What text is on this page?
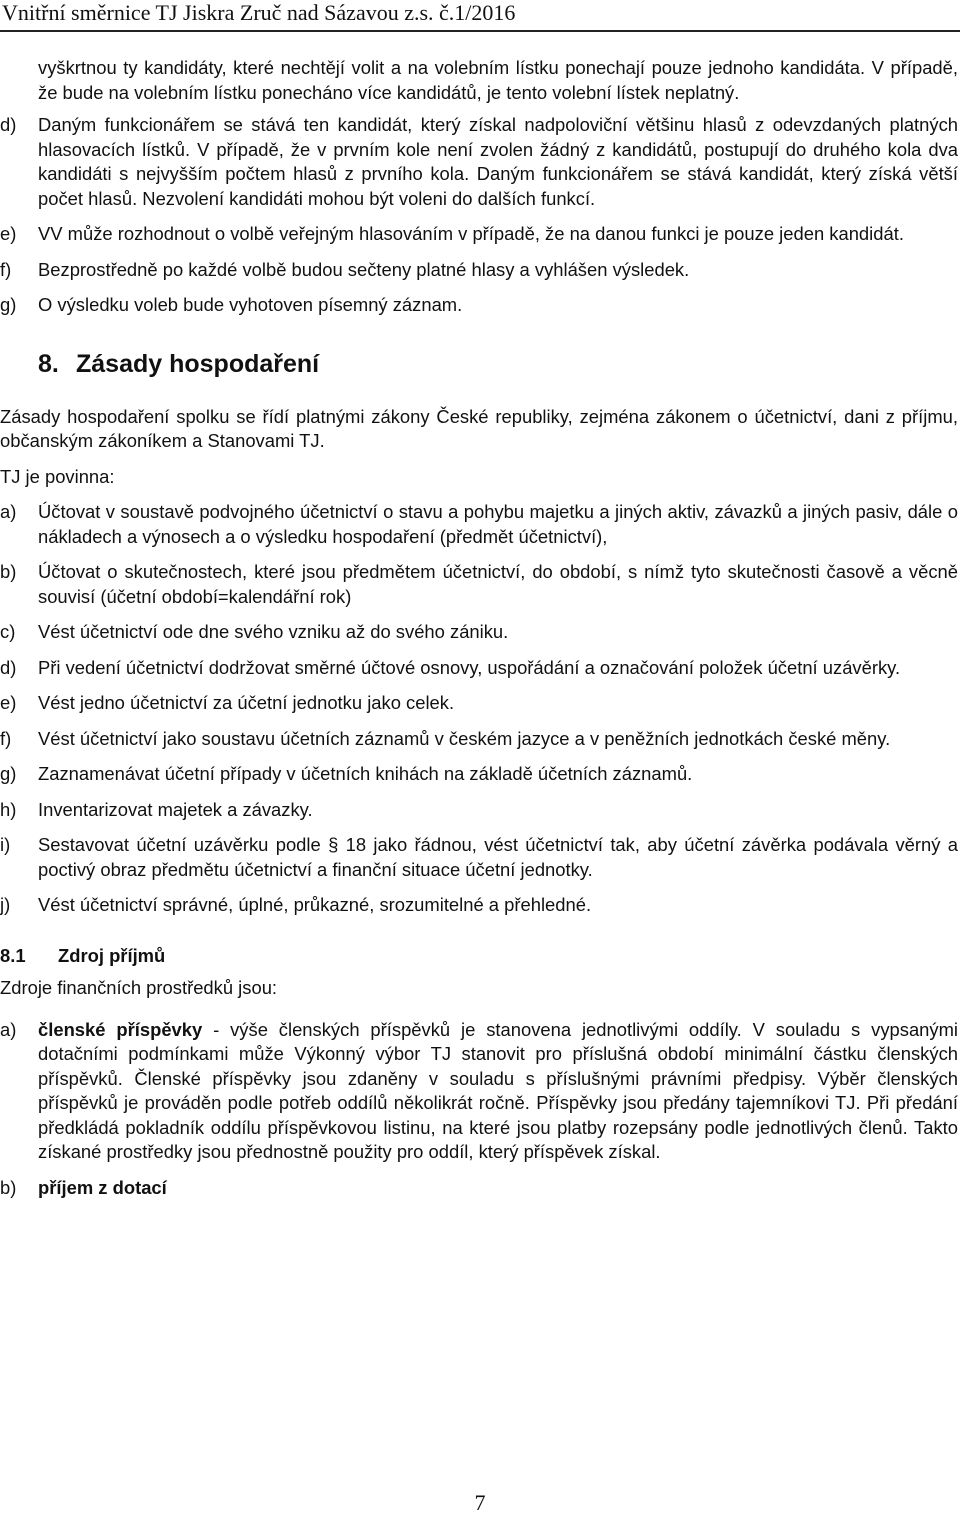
Vnitřní směrnice TJ Jiskra Zruč nad Sázavou z.s. č.1/2016
vyškrtnou ty kandidáty, které nechtějí volit a na volebním lístku ponechají pouze jednoho kandidáta. V případě, že bude na volebním lístku ponecháno více kandidátů, je tento volební lístek neplatný.
d)	Daným funkcionářem se stává ten kandidát, který získal nadpoloviční většinu hlasů z odevzdaných platných hlasovacích lístků. V případě, že v prvním kole není zvolen žádný z kandidátů, postupují do druhého kola dva kandidáti s nejvyšším počtem hlasů z prvního kola. Daným funkcionářem se stává kandidát, který získá větší počet hlasů. Nezvolení kandidáti mohou být voleni do dalších funkcí.
e)	VV může rozhodnout o volbě veřejným hlasováním v případě, že na danou funkci je pouze jeden kandidát.
f)	Bezprostředně po každé volbě budou sečteny platné hlasy a vyhlášen výsledek.
g)	O výsledku voleb bude vyhotoven písemný záznam.
8. Zásady hospodaření
Zásady hospodaření spolku se řídí platnými zákony České republiky, zejména zákonem o účetnictví, dani z příjmu, občanským zákoníkem a Stanovami TJ.
TJ je povinna:
a)	Účtovat v soustavě podvojného účetnictví o stavu a pohybu majetku a jiných aktiv, závazků a jiných pasiv, dále o nákladech a výnosech a o výsledku hospodaření (předmět účetnictví),
b)	Účtovat o skutečnostech, které jsou předmětem účetnictví, do období, s nímž tyto skutečnosti časově a věcně souvisí (účetní období=kalendářní rok)
c)	Vést účetnictví ode dne svého vzniku až do svého zániku.
d)	Při vedení účetnictví dodržovat směrné účtové osnovy, uspořádání a označování položek účetní uzávěrky.
e)	Vést jedno účetnictví za účetní jednotku jako celek.
f)	Vést účetnictví jako soustavu účetních záznamů v českém jazyce a v peněžních jednotkách české měny.
g)	Zaznamenávat účetní případy v účetních knihách na základě účetních záznamů.
h)	Inventarizovat majetek a závazky.
i)	Sestavovat účetní uzávěrku podle § 18 jako řádnou, vést účetnictví tak, aby účetní závěrka podávala věrný a poctivý obraz předmětu účetnictví a finanční situace účetní jednotky.
j)	Vést účetnictví správné, úplné, průkazné, srozumitelné a přehledné.
8.1 Zdroj příjmů
Zdroje finančních prostředků jsou:
a)	členské příspěvky - výše členských příspěvků je stanovena jednotlivými oddíly. V souladu s vypsanými dotačními podmínkami může Výkonný výbor TJ stanovit pro příslušná období minimální částku členských příspěvků. Členské příspěvky jsou zdaněny v souladu s příslušnými právními předpisy. Výběr členských příspěvků je prováděn podle potřeb oddílů několikrát ročně. Příspěvky jsou předány tajemníkovi TJ. Při předání předkládá pokladník oddílu příspěvkovou listinu, na které jsou platby rozepsány podle jednotlivých členů. Takto získané prostředky jsou přednostně použity pro oddíl, který příspěvek získal.
b)	příjem z dotací
7
